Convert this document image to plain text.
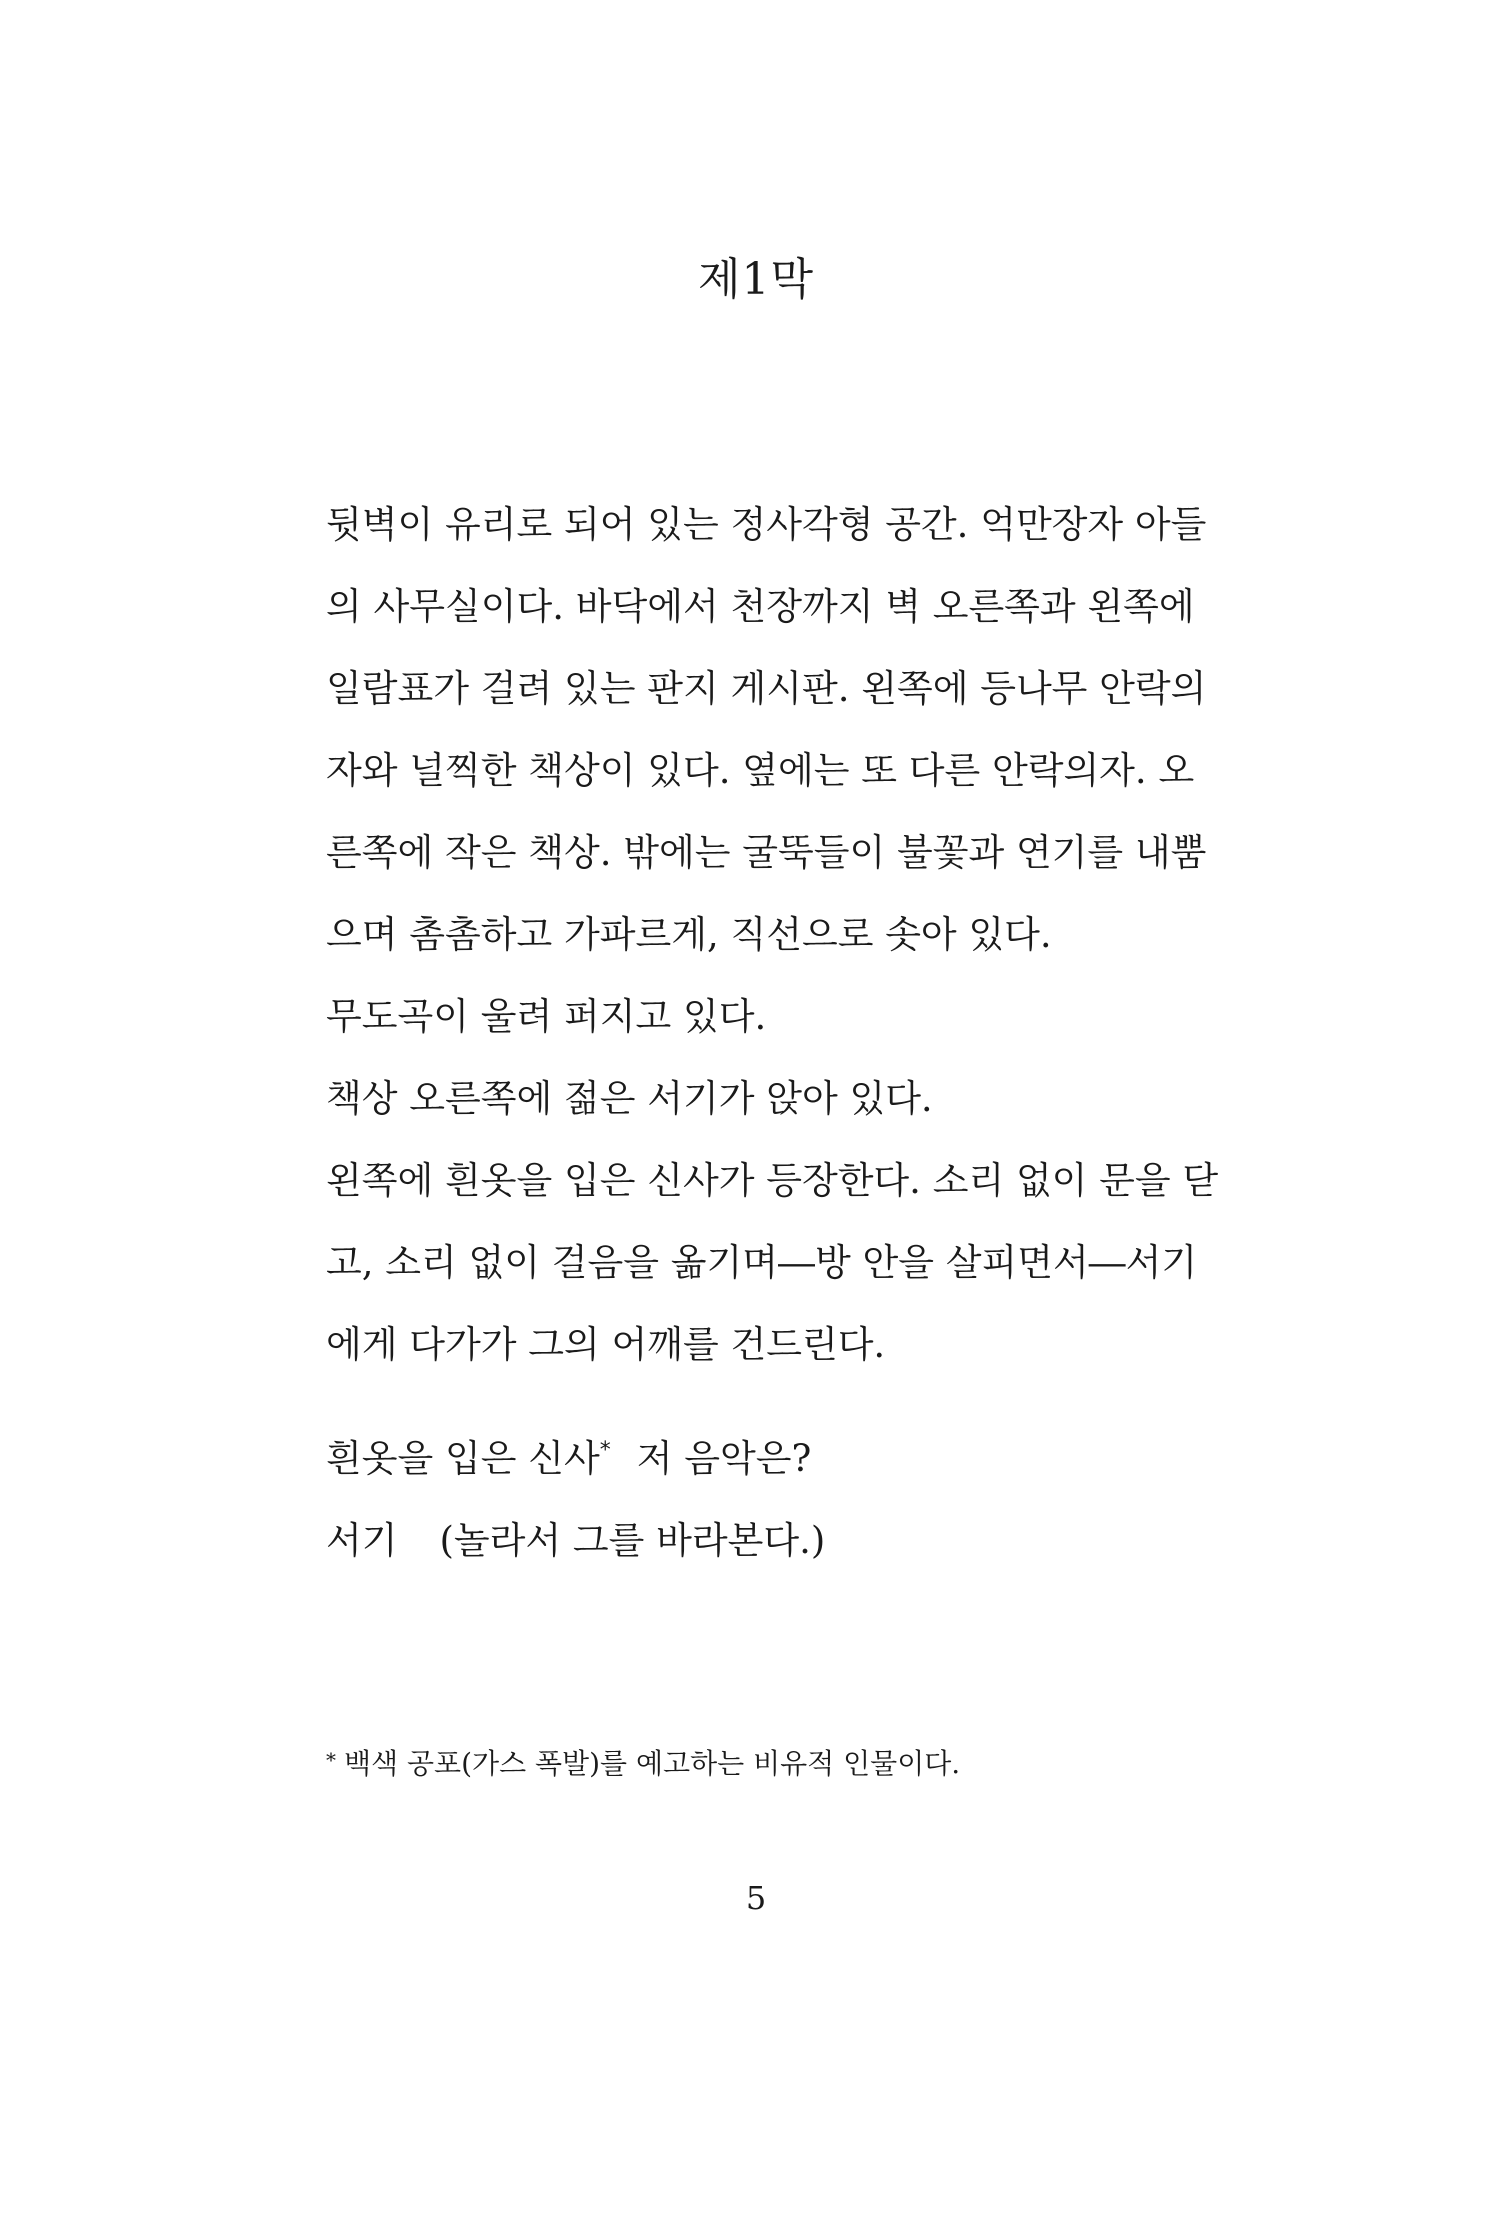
제1막
뒷벽이 유리로 되어 있는 정사각형 공간. 억만장자 아들
의 사무실이다. 바닥에서 천장까지 벽 오른쪽과 왼쪽에
일람표가 걸려 있는 판지 게시판. 왼쪽에 등나무 안락의
자와 널찍한 책상이 있다. 옆에는 또 다른 안락의자. 오
른쪽에 작은 책상. 밖에는 굴뚝들이 불꽃과 연기를 내뿜
으며 촘촘하고 가파르게, 직선으로 솟아 있다.
무도곡이 울려 퍼지고 있다.
책상 오른쪽에 젊은 서기가 앉아 있다.
왼쪽에 흰옷을 입은 신사가 등장한다. 소리 없이 문을 닫
고, 소리 없이 걸음을 옮기며―방 안을 살피면서―서기
에게 다가가 그의 어깨를 건드린다.
흰옷을 입은 신사* 저 음악은?
서기 (놀라서 그를 바라본다.)
* 백색 공포(가스 폭발)를 예고하는 비유적 인물이다.
5
